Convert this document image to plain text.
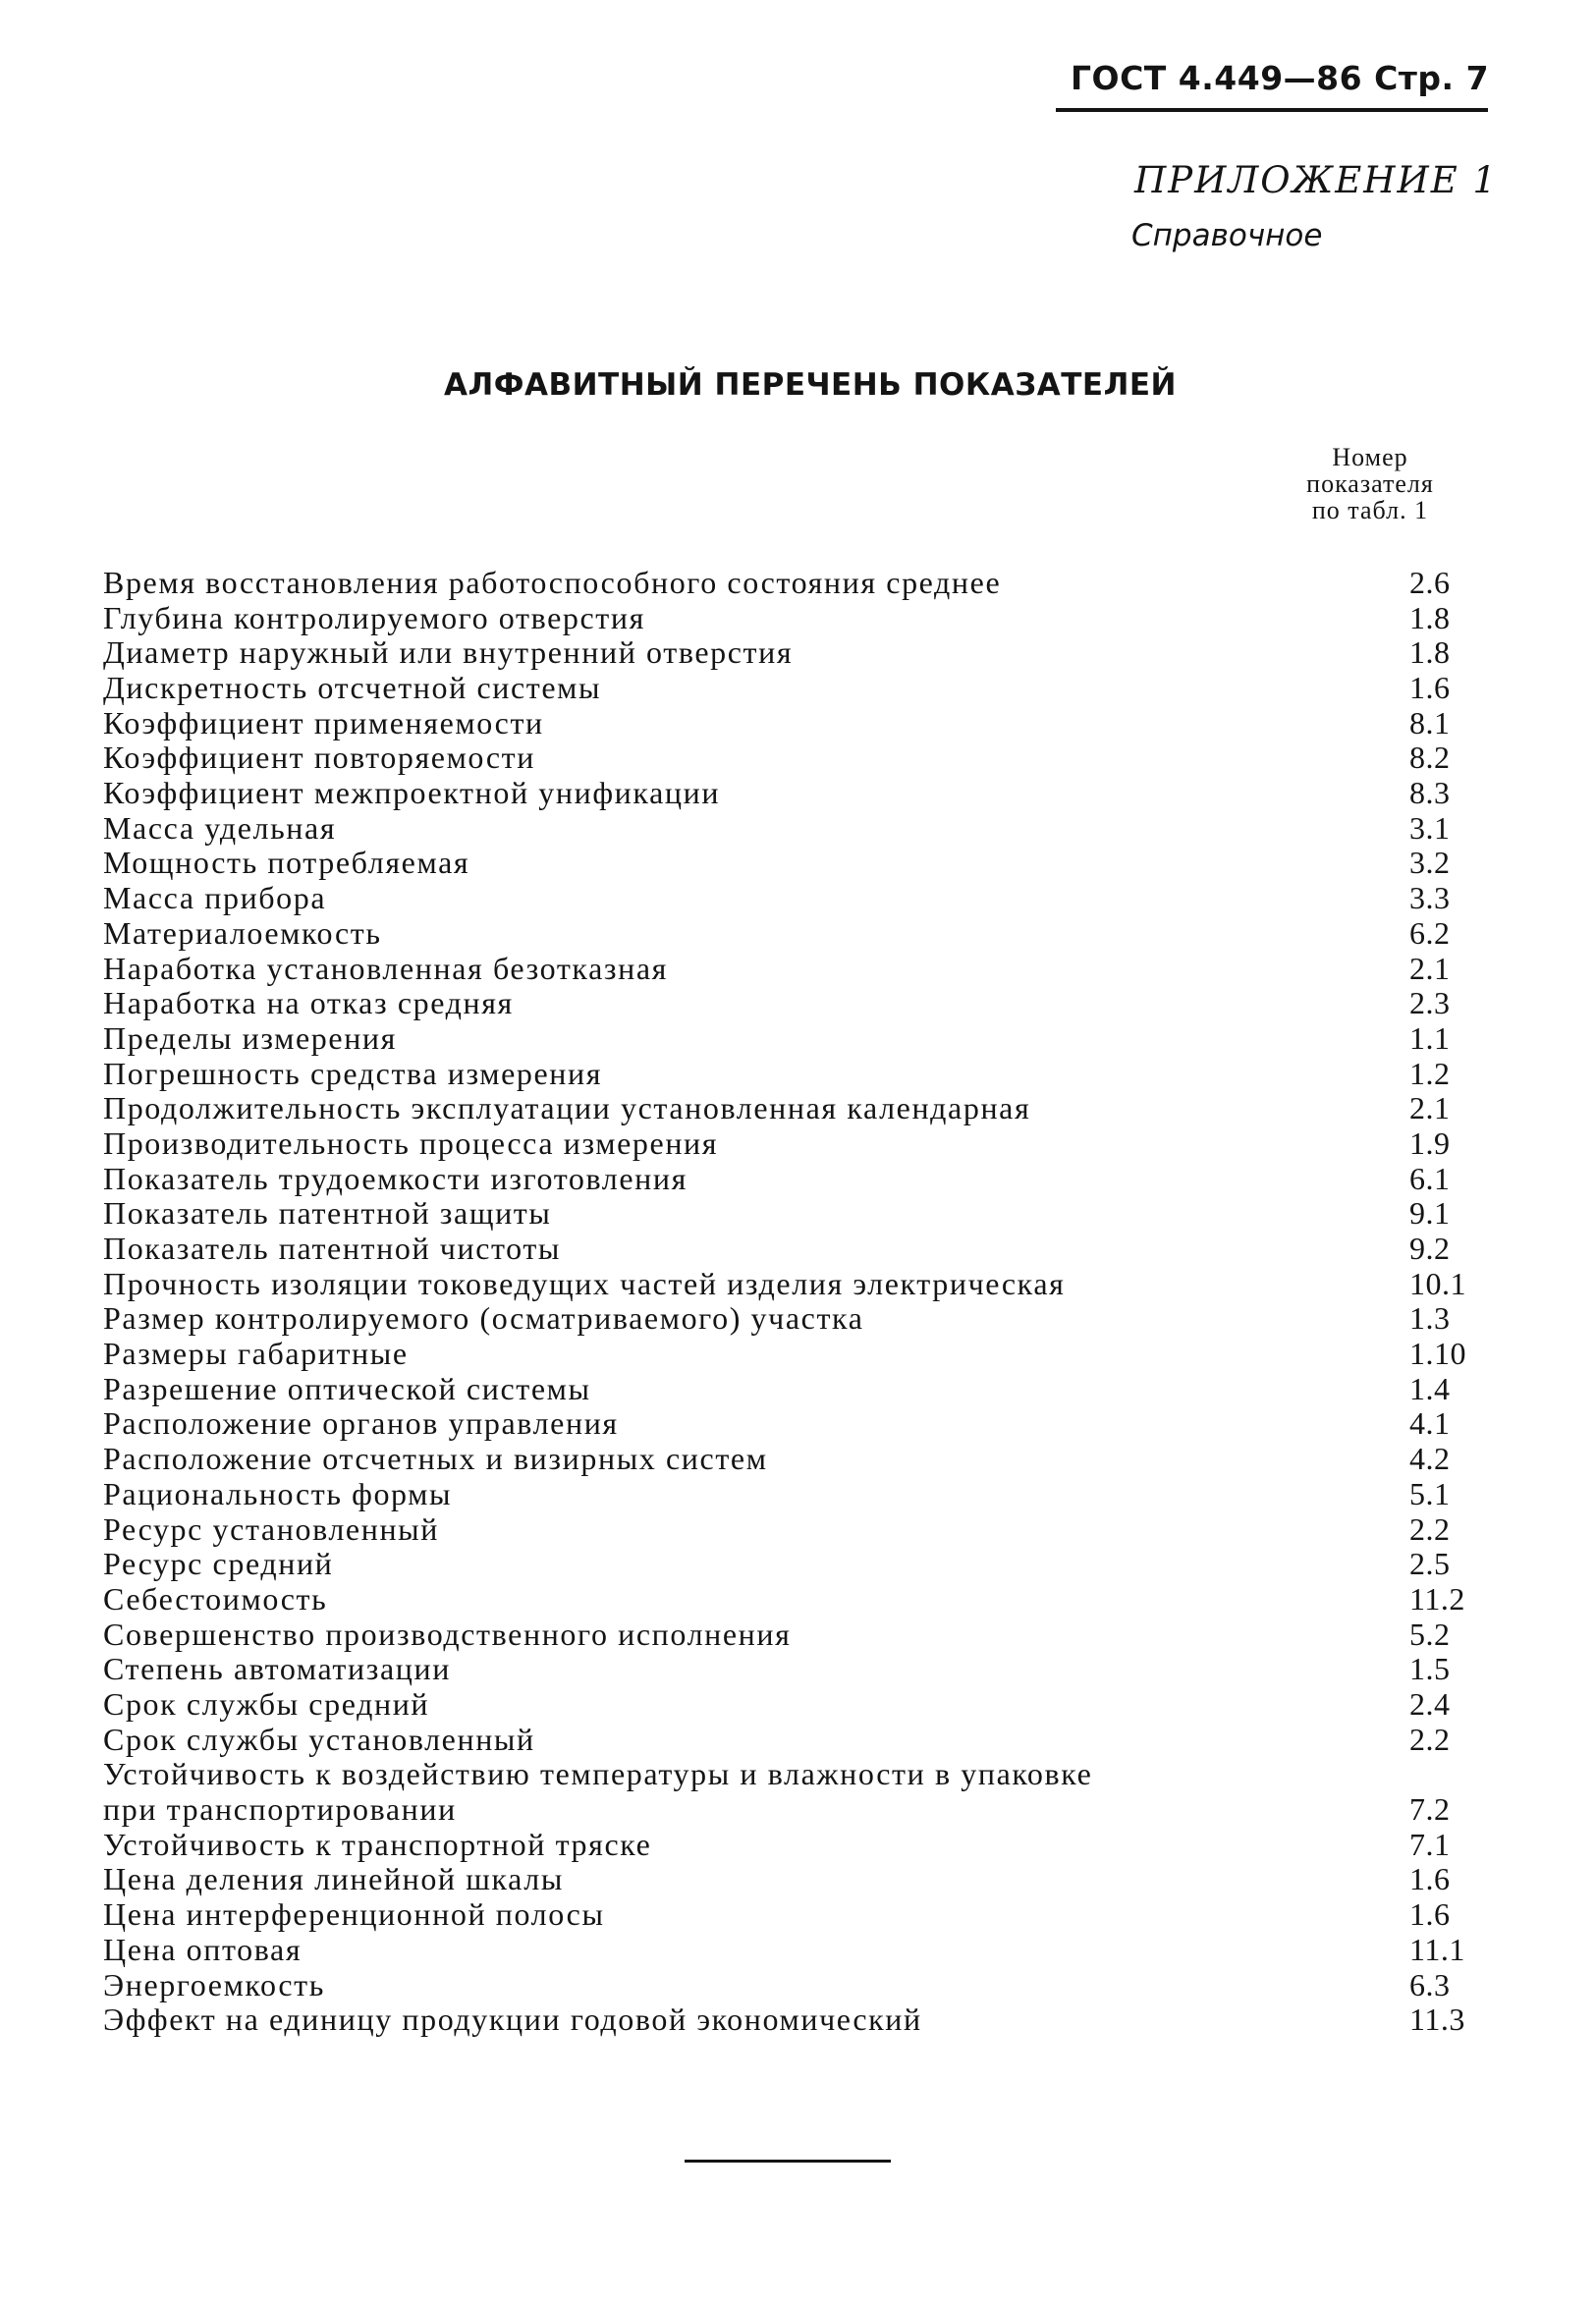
ГОСТ 4.449—86 Стр. 7
ПРИЛОЖЕНИЕ 1
Справочное
АЛФАВИТНЫЙ ПЕРЕЧЕНЬ ПОКАЗАТЕЛЕЙ
Номер
показателя
по табл. 1
Время восстановления работоспособного состояния среднее	2.6
Глубина контролируемого отверстия	1.8
Диаметр наружный или внутренний отверстия	1.8
Дискретность отсчетной системы	1.6
Коэффициент применяемости	8.1
Коэффициент повторяемости	8.2
Коэффициент межпроектной унификации	8.3
Масса удельная	3.1
Мощность потребляемая	3.2
Масса прибора	3.3
Материалоемкость	6.2
Наработка установленная безотказная	2.1
Наработка на отказ средняя	2.3
Пределы измерения	1.1
Погрешность средства измерения	1.2
Продолжительность эксплуатации установленная календарная	2.1
Производительность процесса измерения	1.9
Показатель трудоемкости изготовления	6.1
Показатель патентной защиты	9.1
Показатель патентной чистоты	9.2
Прочность изоляции токоведущих частей изделия электрическая	10.1
Размер контролируемого (осматриваемого) участка	1.3
Размеры габаритные	1.10
Разрешение оптической системы	1.4
Расположение органов управления	4.1
Расположение отсчетных и визирных систем	4.2
Рациональность формы	5.1
Ресурс установленный	2.2
Ресурс средний	2.5
Себестоимость	11.2
Совершенство производственного исполнения	5.2
Степень автоматизации	1.5
Срок службы средний	2.4
Срок службы установленный	2.2
Устойчивость к воздействию температуры и влажности в упаковке
при транспортировании	7.2
Устойчивость к транспортной тряске	7.1
Цена деления линейной шкалы	1.6
Цена интерференционной полосы	1.6
Цена оптовая	11.1
Энергоемкость	6.3
Эффект на единицу продукции годовой экономический	11.3
